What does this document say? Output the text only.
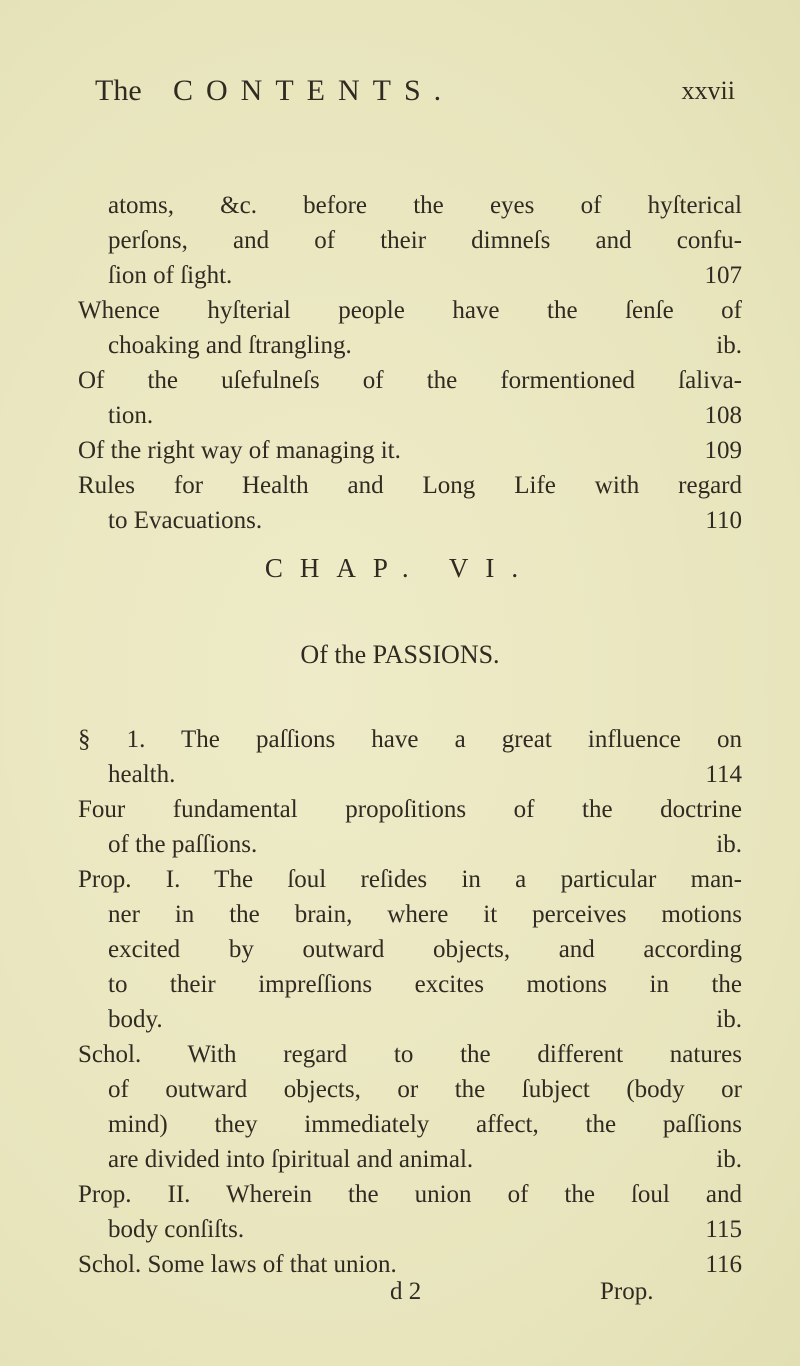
The CONTENTS.	xxvii
atoms, &c. before the eyes of hyſterical
perſons, and of their dimneſs and confu-
ſion of ſight.	107
Whence hyſterial people have the ſenſe of
choaking and ſtrangling.	ib.
Of the uſefulneſs of the formentioned ſaliva-
tion.	108
Of the right way of managing it.	109
Rules for Health and Long Life with regard
to Evacuations.	110
CHAP. VI.
Of the PASSIONS.
§ 1. The paſſions have a great influence on
health.	114
Four fundamental propoſitions of the doctrine
of the paſſions.	ib.
Prop. I. The ſoul reſides in a particular man-
ner in the brain, where it perceives motions
excited by outward objects, and according
to their impreſſions excites motions in the
body.	ib.
Schol. With regard to the different natures
of outward objects, or the ſubject (body or
mind) they immediately affect, the paſſions
are divided into ſpiritual and animal.	ib.
Prop. II. Wherein the union of the ſoul and
body conſiſts.	115
Schol. Some laws of that union.	116
d 2	Prop.
